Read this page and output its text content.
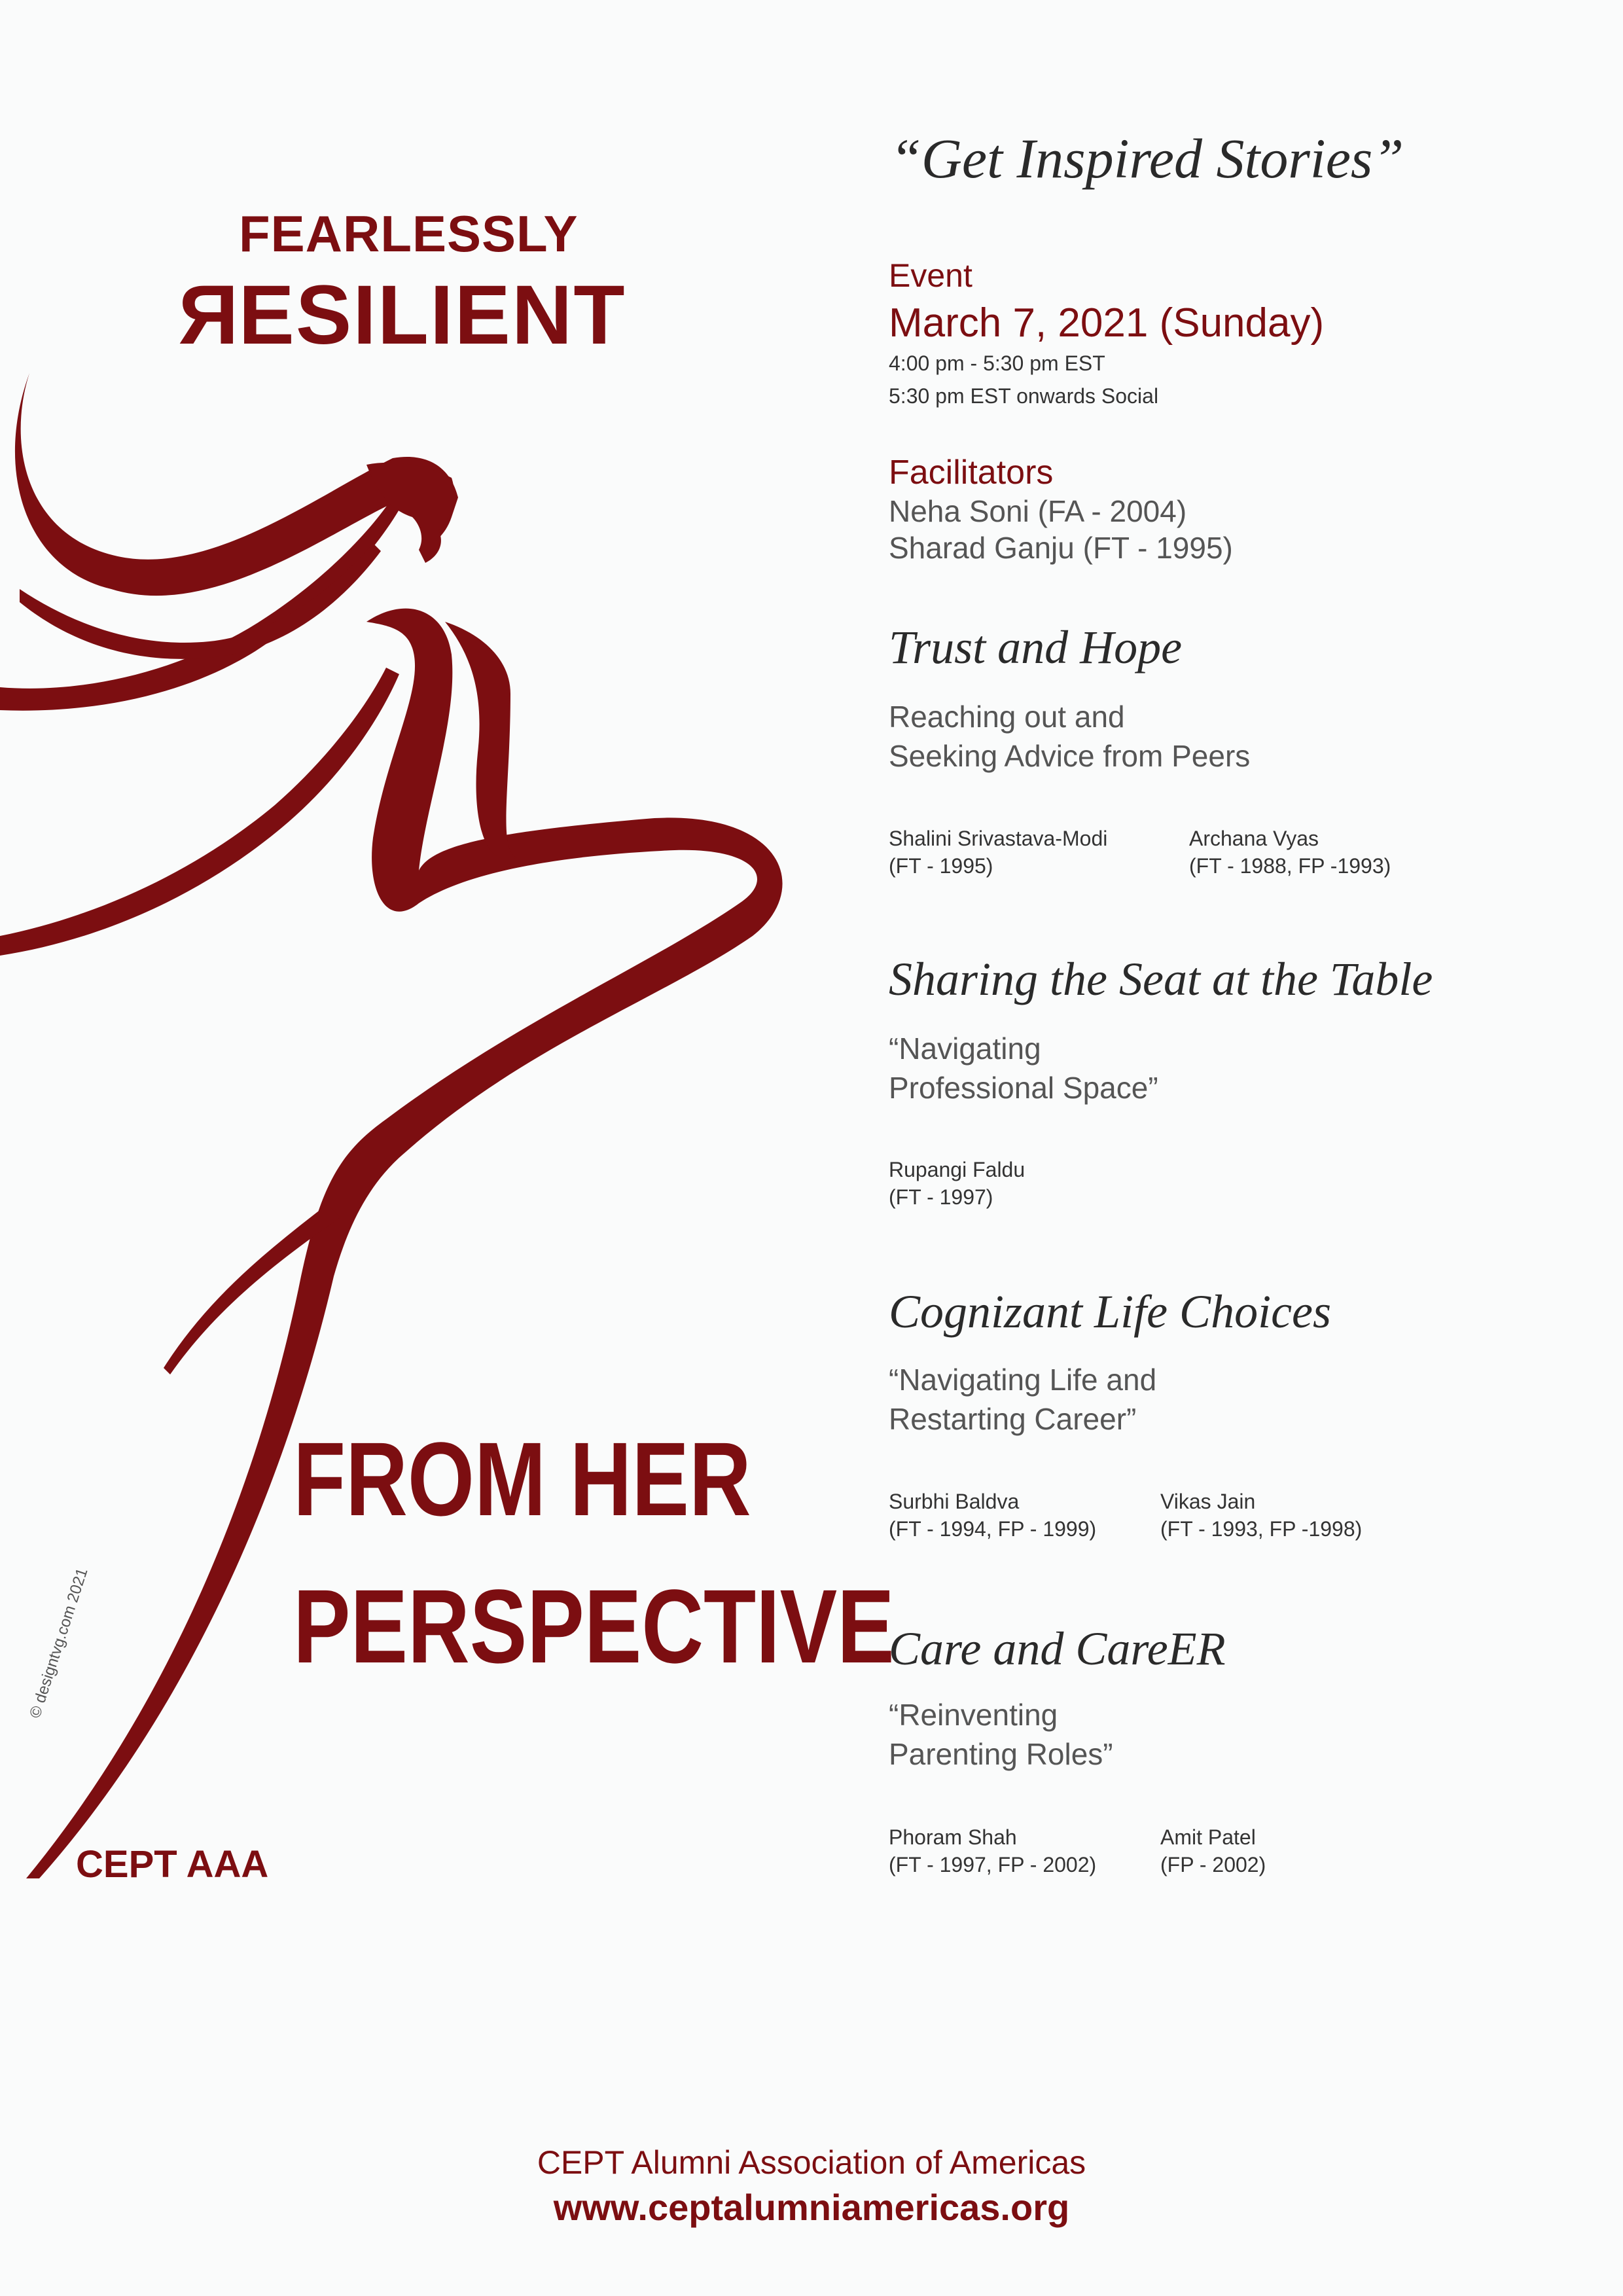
FEARLESSLY
RESILIENT
FROM HER
PERSPECTIVE
© designtvg.com 2021
CEPT AAA
“Get Inspired Stories”
Event
March 7, 2021 (Sunday)
4:00 pm - 5:30 pm EST
5:30 pm EST onwards Social
Facilitators
Neha Soni (FA - 2004)
Sharad Ganju (FT - 1995)
Trust and Hope
Reaching out and
Seeking Advice from Peers
Shalini Srivastava-Modi
(FT - 1995)
Archana Vyas
(FT - 1988, FP -1993)
Sharing the Seat at the Table
“Navigating
Professional Space”
Rupangi Faldu
(FT - 1997)
Cognizant Life Choices
“Navigating Life and
Restarting Career”
Surbhi Baldva
(FT - 1994, FP - 1999)
Vikas Jain
(FT - 1993, FP -1998)
Care and CareER
“Reinventing
Parenting Roles”
Phoram Shah
(FT - 1997, FP - 2002)
Amit Patel
(FP - 2002)
CEPT Alumni Association of Americas
www.ceptalumniamericas.org
